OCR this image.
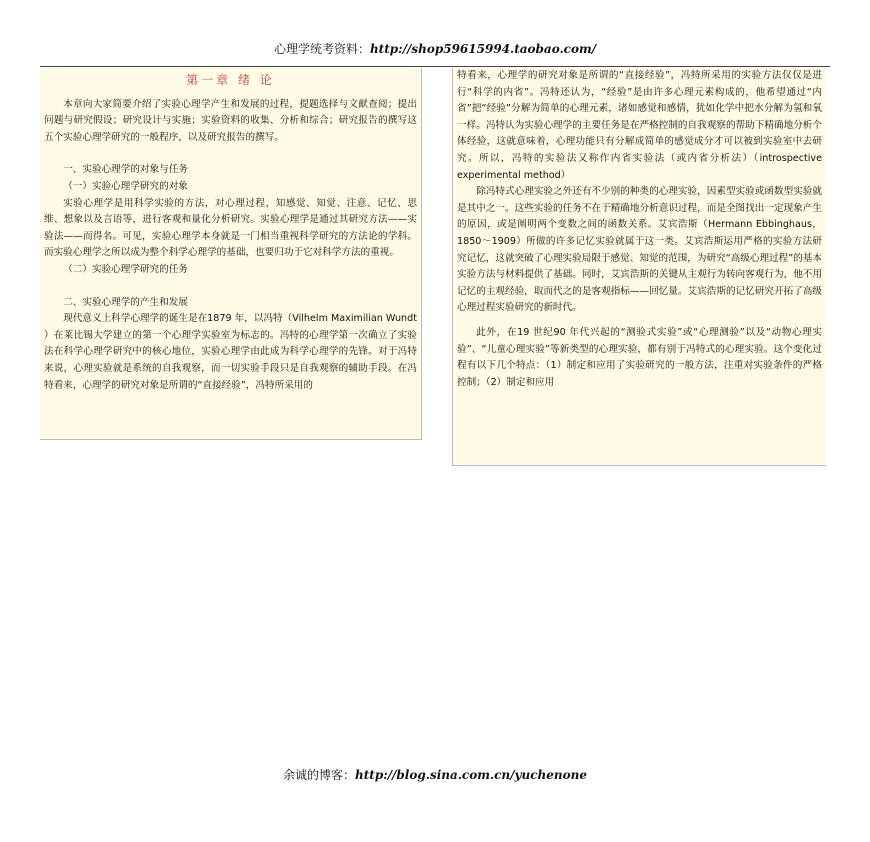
心理学统考资料：http://shop59615994.taobao.com/
第一章 绪 论

本章向大家简要介绍了实验心理学产生和发展的过程，提题选择与文献查阅；提出问题与研究假设；研究设计与实施；实验资料的收集、分析和综合；研究报告的撰写这五个实验心理学研究的一般程序，以及研究报告的撰写。

一、实验心理学的对象与任务
（一）实验心理学研究的对象

实验心理学是用科学实验的方法，对心理过程，知感觉、知觉、注意、记忆、思维、想象以及言语等，进行客观和量化分析研究。实验心理学是通过其研究方法——实验法——而得名。可见，实验心理学本身就是一门相当重视科学研究的方法论的学科。而实验心理学之所以成为整个科学心理学的基础，也要归功于它对科学方法的重视。

（二）实验心理学研究的任务
二、实验心理学的产生和发展

现代意义上科学心理学的诞生是在1879 年，以冯特（Vilhelm Maximilian Wundt ）在莱比锡大学建立的第一个心理学实验室为标志的。冯特的心理学第一次确立了实验法在科学心理学研究中的核心地位，实验心理学由此成为科学心理学的先锋。对于冯特来说，心理实验就是系统的自我观察，而一切实验手段只是自我观察的辅助手段。在冯特看来，心理学的研究对象是所谓的“直接经验”，冯特所采用的

特看来，心理学的研究对象是所谓的“直接经验”，冯特所采用的实验方法仅仅是进行“科学的内省”。冯特还认为，“经验”是由许多心理元素构成的，他希望通过“内省”把“经验”分解为简单的心理元素，诸如感觉和感情，犹如化学中把水分解为氢和氧一样。冯特认为实验心理学的主要任务是在严格控制的自我观察的帮助下精确地分析个体经验，这就意味着，心理功能只有分解成简单的感觉成分才可以被到实验室中去研究。所以，冯特的实验法又称作内省实验法（或内省分析法）（introspective experimental method）

除冯特式心理实验之外还有不少别的种类的心理实验，因素型实验或函数型实验就是其中之一。这些实验的任务不在于精确地分析意识过程，而是全图找出一定现象产生的原因，或是阐明两个变数之间的函数关系。艾宾浩斯（Hermann Ebbinghaus，1850～1909）所做的许多记忆实验就属于这一类。艾宾浩斯运用严格的实验方法研究记忆，这就突破了心理实验局限于感觉、知觉的范围，为研究“高级心理过程”的基本实验方法与材料提供了基础。同时，艾宾浩斯的关键从主观行为转向客观行为，他不用记忆的主观经验，取而代之的是客观指标——回忆量。艾宾浩斯的记忆研究开拓了高级心理过程实验研究的新时代。

此外，在19 世纪90 年代兴起的“测验式实验”或“心理测验”以及“动物心理实验”、“儿童心理实验”等新类型的心理实验，都有别于冯特式的心理实验。这个变化过程有以下几个特点：（1）制定和应用了实验研究的一般方法，注重对实验条件的严格控制；（2）制定和应用

余诚的博客：http://blog.sina.com.cn/yuchenone
